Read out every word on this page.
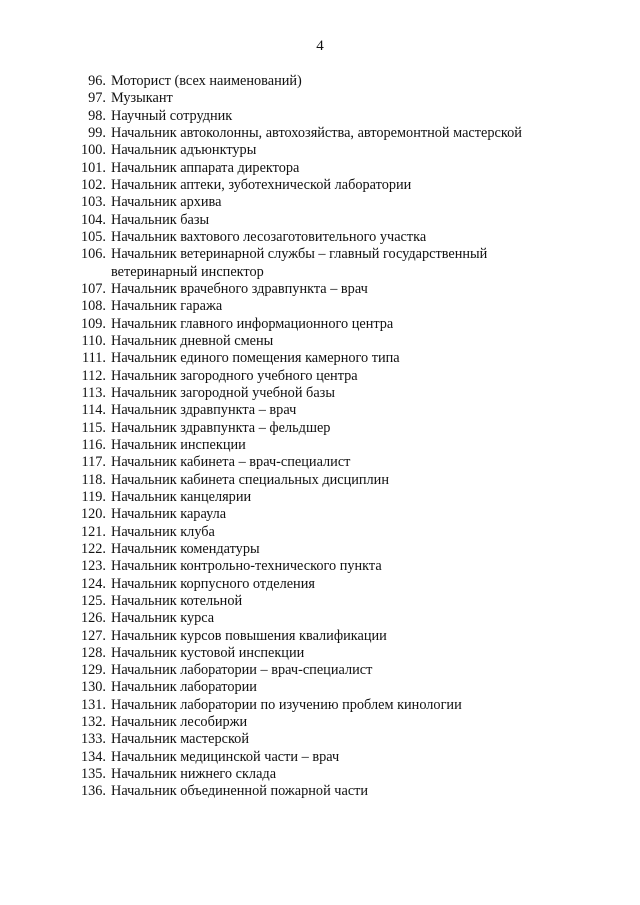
4
96. Моторист (всех наименований)
97. Музыкант
98. Научный сотрудник
99. Начальник автоколонны, автохозяйства, авторемонтной мастерской
100. Начальник адъюнктуры
101. Начальник аппарата директора
102. Начальник аптеки, зуботехнической лаборатории
103. Начальник архива
104. Начальник базы
105. Начальник вахтового лесозаготовительного участка
106. Начальник ветеринарной службы – главный государственный
ветеринарный инспектор
107. Начальник врачебного здравпункта – врач
108. Начальник гаража
109. Начальник главного информационного центра
110. Начальник дневной смены
111. Начальник единого помещения камерного типа
112. Начальник загородного учебного центра
113. Начальник загородной учебной базы
114. Начальник здравпункта – врач
115. Начальник здравпункта – фельдшер
116. Начальник инспекции
117. Начальник кабинета – врач-специалист
118. Начальник кабинета специальных дисциплин
119. Начальник канцелярии
120. Начальник караула
121. Начальник клуба
122. Начальник комендатуры
123. Начальник контрольно-технического пункта
124. Начальник корпусного отделения
125. Начальник котельной
126. Начальник курса
127. Начальник курсов повышения квалификации
128. Начальник кустовой инспекции
129. Начальник лаборатории – врач-специалист
130. Начальник лаборатории
131. Начальник лаборатории по изучению проблем кинологии
132. Начальник лесобиржи
133. Начальник мастерской
134. Начальник медицинской части – врач
135. Начальник нижнего склада
136. Начальник объединенной пожарной части
